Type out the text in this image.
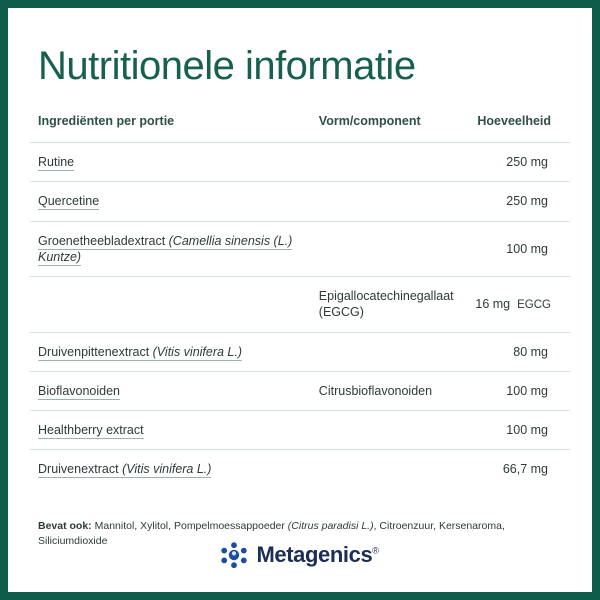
Nutritionele informatie
Ingrediënten per portie	Vorm/component	Hoeveelheid
Rutine		250 mg
Quercetine		250 mg
Groenetheebladextract (Camellia sinensis (L.) Kuntze)		100 mg
	Epigallocatechinegallaat (EGCG)	16 mg EGCG
Druivenpittenextract (Vitis vinifera L.)		80 mg
Bioflavonoiden	Citrusbioflavonoiden	100 mg
Healthberry extract		100 mg
Druivenextract (Vitis vinifera L.)		66,7 mg
Bevat ook: Mannitol, Xylitol, Pompelmoessappoeder (Citrus paradisi L.), Citroenzuur, Kersenaroma, Siliciumdioxide
Metagenics®
